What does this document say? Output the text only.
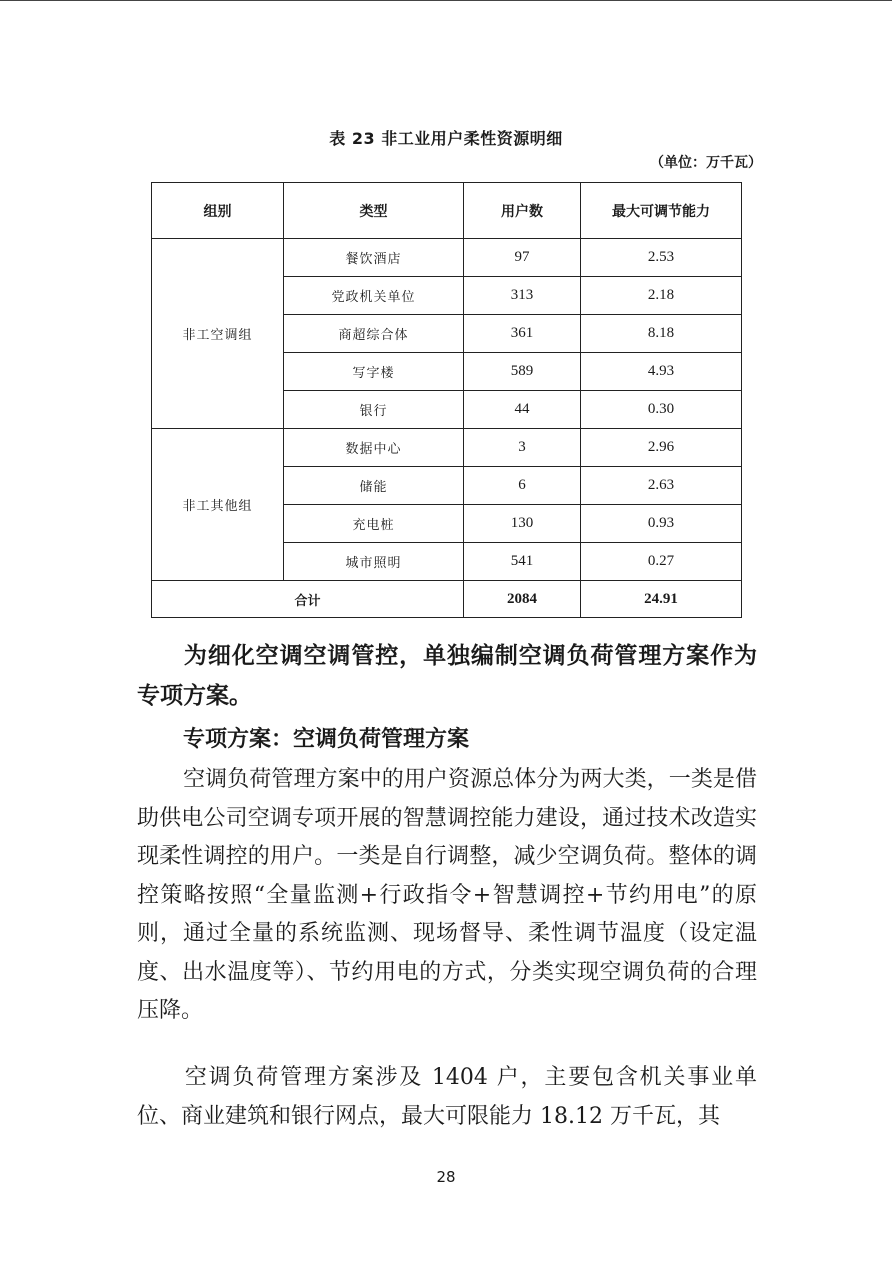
表 23 非工业用户柔性资源明细
（单位：万千瓦）
组别	类型	用户数	最大可调节能力
非工空调组	餐饮酒店	97	2.53
	党政机关单位	313	2.18
	商超综合体	361	8.18
	写字楼	589	4.93
	银行	44	0.30
非工其他组	数据中心	3	2.96
	储能	6	2.63
	充电桩	130	0.93
	城市照明	541	0.27
合计		2084	24.91

为细化空调空调管控，单独编制空调负荷管理方案作为专项方案。

专项方案：空调负荷管理方案

空调负荷管理方案中的用户资源总体分为两大类，一类是借助供电公司空调专项开展的智慧调控能力建设，通过技术改造实现柔性调控的用户。一类是自行调整，减少空调负荷。整体的调控策略按照“全量监测+行政指令+智慧调控+节约用电”的原则，通过全量的系统监测、现场督导、柔性调节温度（设定温度、出水温度等）、节约用电的方式，分类实现空调负荷的合理压降。

空调负荷管理方案涉及 1404 户，主要包含机关事业单位、商业建筑和银行网点，最大可限能力 18.12 万千瓦，其

28
